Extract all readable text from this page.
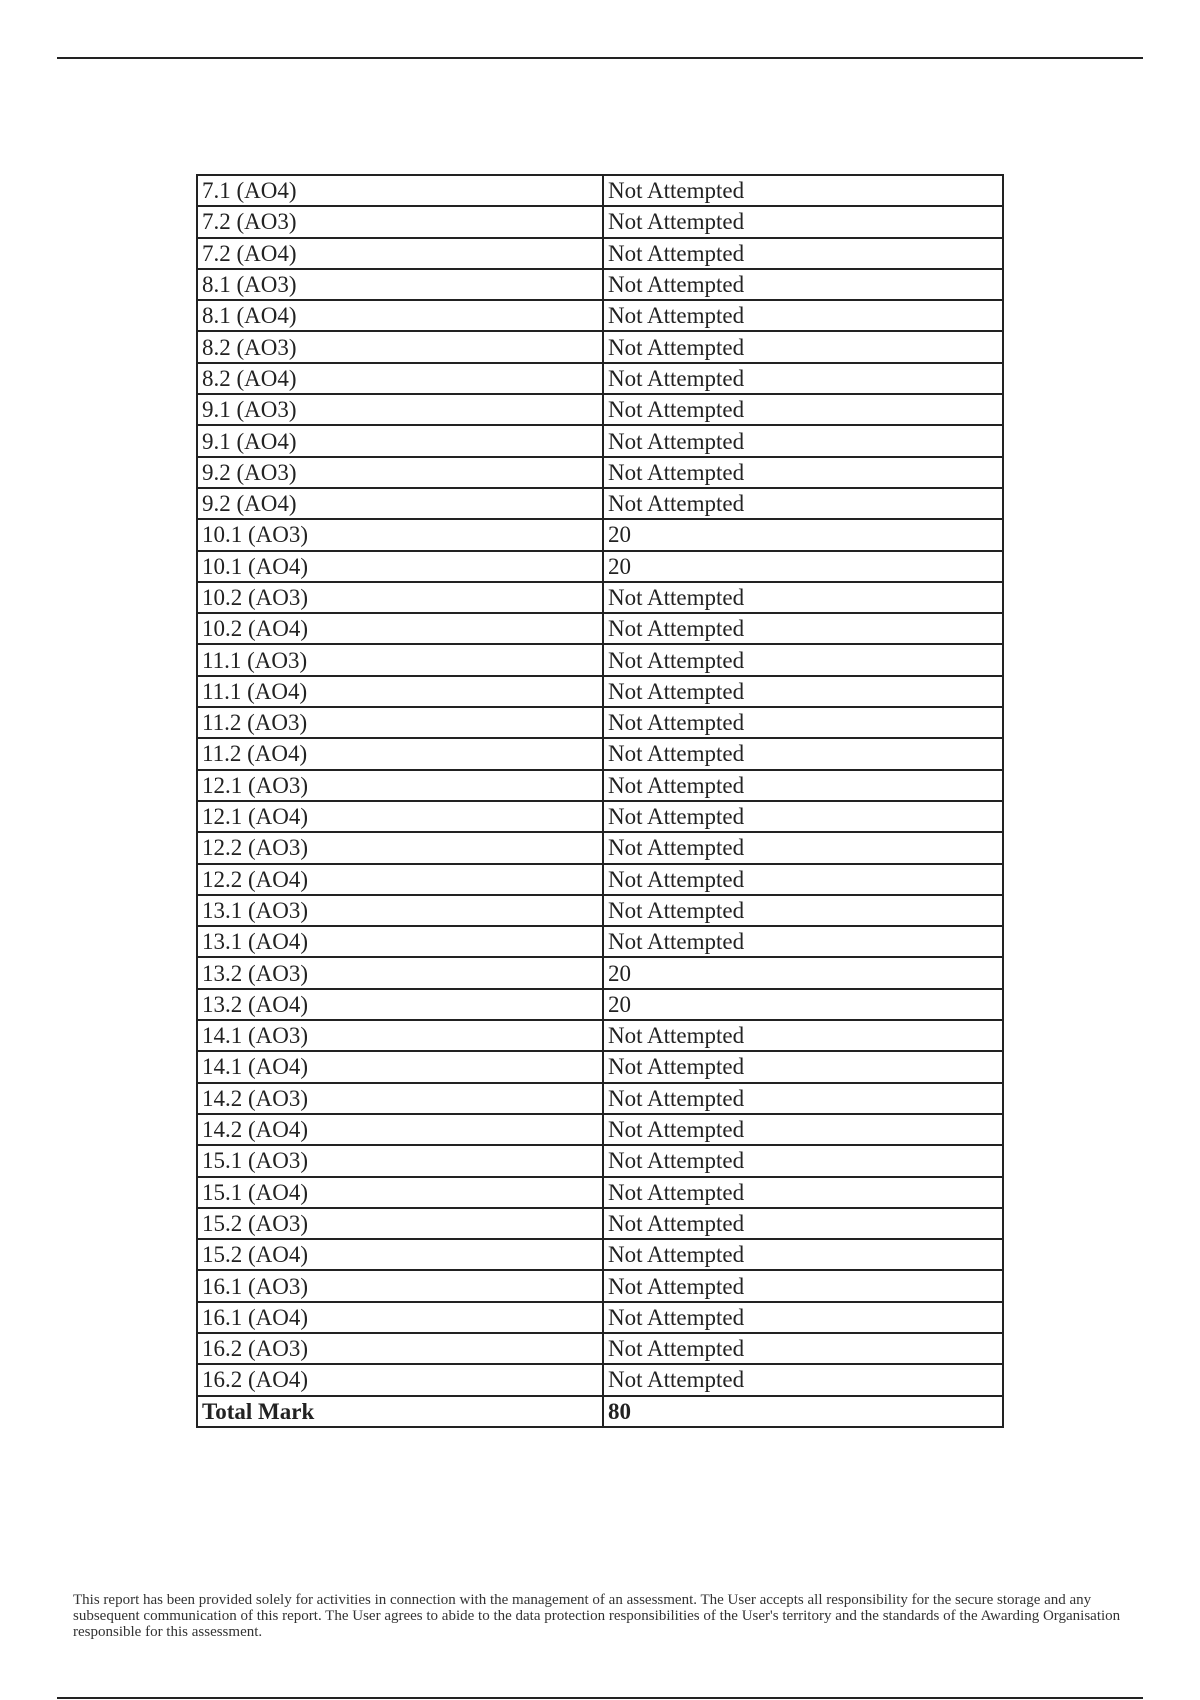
7.1 (AO4)	Not Attempted
7.2 (AO3)	Not Attempted
7.2 (AO4)	Not Attempted
8.1 (AO3)	Not Attempted
8.1 (AO4)	Not Attempted
8.2 (AO3)	Not Attempted
8.2 (AO4)	Not Attempted
9.1 (AO3)	Not Attempted
9.1 (AO4)	Not Attempted
9.2 (AO3)	Not Attempted
9.2 (AO4)	Not Attempted
10.1 (AO3)	20
10.1 (AO4)	20
10.2 (AO3)	Not Attempted
10.2 (AO4)	Not Attempted
11.1 (AO3)	Not Attempted
11.1 (AO4)	Not Attempted
11.2 (AO3)	Not Attempted
11.2 (AO4)	Not Attempted
12.1 (AO3)	Not Attempted
12.1 (AO4)	Not Attempted
12.2 (AO3)	Not Attempted
12.2 (AO4)	Not Attempted
13.1 (AO3)	Not Attempted
13.1 (AO4)	Not Attempted
13.2 (AO3)	20
13.2 (AO4)	20
14.1 (AO3)	Not Attempted
14.1 (AO4)	Not Attempted
14.2 (AO3)	Not Attempted
14.2 (AO4)	Not Attempted
15.1 (AO3)	Not Attempted
15.1 (AO4)	Not Attempted
15.2 (AO3)	Not Attempted
15.2 (AO4)	Not Attempted
16.1 (AO3)	Not Attempted
16.1 (AO4)	Not Attempted
16.2 (AO3)	Not Attempted
16.2 (AO4)	Not Attempted
Total Mark	80
This report has been provided solely for activities in connection with the management of an assessment. The User accepts all responsibility for the secure storage and any subsequent communication of this report. The User agrees to abide to the data protection responsibilities of the User's territory and the standards of the Awarding Organisation responsible for this assessment.
